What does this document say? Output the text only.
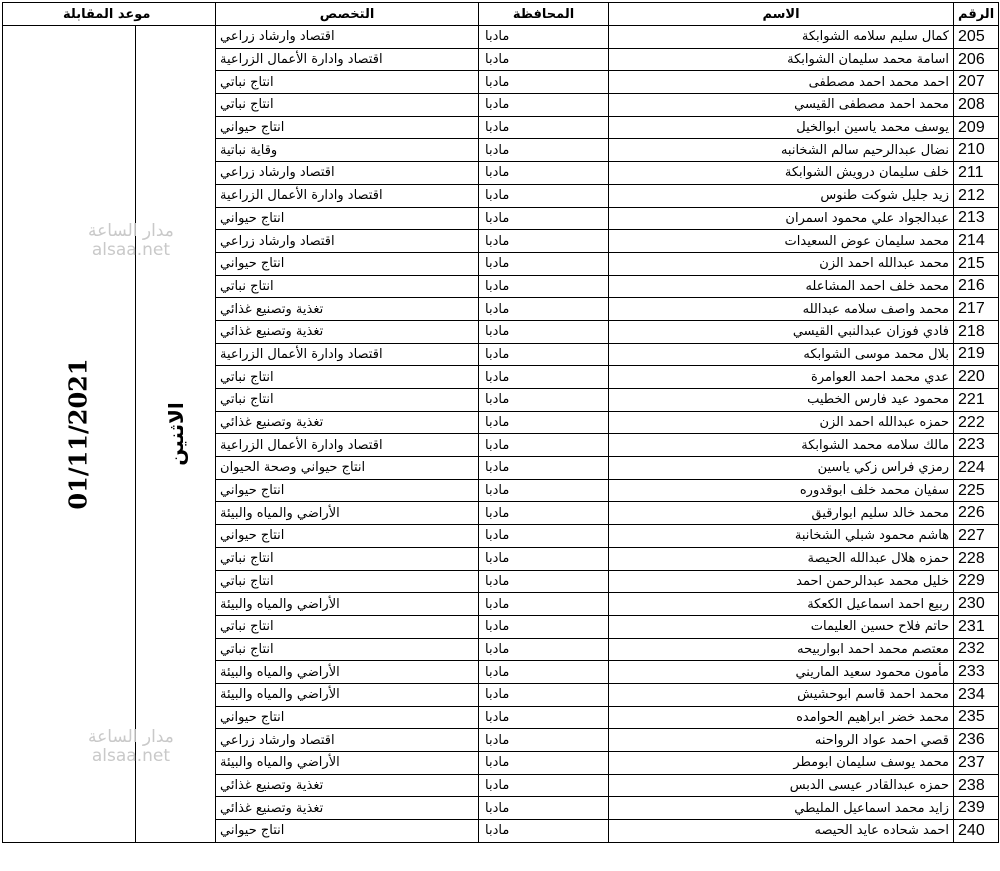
موعد المقابلة		التخصص	المحافظة	الاسم	الرقم
01/11/2021	الاثنين	اقتصاد وارشاد زراعي	مادبا	كمال سليم سلامه الشوابكة	205
		اقتصاد وادارة الأعمال الزراعية	مادبا	اسامة محمد سليمان الشوابكة	206
		انتاج نباتي	مادبا	احمد محمد احمد مصطفى	207
		انتاج نباتي	مادبا	محمد احمد مصطفى القيسي	208
		انتاج حيواني	مادبا	يوسف محمد ياسين ابوالخيل	209
		وقاية نباتية	مادبا	نضال عبدالرحيم سالم الشخانبه	210
		اقتصاد وارشاد زراعي	مادبا	خلف سليمان درويش الشوابكة	211
		اقتصاد وادارة الأعمال الزراعية	مادبا	زيد جليل شوكت طنوس	212
		انتاج حيواني	مادبا	عبدالجواد علي محمود اسمران	213
		اقتصاد وارشاد زراعي	مادبا	محمد سليمان عوض السعيدات	214
		انتاج حيواني	مادبا	محمد عبدالله احمد الزن	215
		انتاج نباتي	مادبا	محمد خلف احمد المشاعله	216
		تغذية وتصنيع غذائي	مادبا	محمد واصف سلامه عبدالله	217
		تغذية وتصنيع غذائي	مادبا	فادي فوزان عبدالنبي القيسي	218
		اقتصاد وادارة الأعمال الزراعية	مادبا	بلال محمد موسى الشوابكه	219
		انتاج نباتي	مادبا	عدي محمد احمد العوامرة	220
		انتاج نباتي	مادبا	محمود عيد فارس الخطيب	221
		تغذية وتصنيع غذائي	مادبا	حمزه عبدالله احمد الزن	222
		اقتصاد وادارة الأعمال الزراعية	مادبا	مالك سلامه محمد الشوابكة	223
		انتاج حيواني وصحة الحيوان	مادبا	رمزي فراس زكي ياسين	224
		انتاج حيواني	مادبا	سفيان محمد خلف ابوقدوره	225
		الأراضي والمياه والبيئة	مادبا	محمد خالد سليم ابوارقيق	226
		انتاج حيواني	مادبا	هاشم محمود شبلي الشخانبة	227
		انتاج نباتي	مادبا	حمزه هلال عبدالله الحيصة	228
		انتاج نباتي	مادبا	خليل محمد عبدالرحمن احمد	229
		الأراضي والمياه والبيئة	مادبا	ربيع احمد اسماعيل الكعكة	230
		انتاج نباتي	مادبا	حاتم فلاح حسين العليمات	231
		انتاج نباتي	مادبا	معتصم محمد احمد ابواربيحه	232
		الأراضي والمياه والبيئة	مادبا	مأمون محمود سعيد الماريني	233
		الأراضي والمياه والبيئة	مادبا	محمد احمد قاسم ابوحشيش	234
		انتاج حيواني	مادبا	محمد خضر ابراهيم الحوامده	235
		اقتصاد وارشاد زراعي	مادبا	قصي احمد عواد الرواحنه	236
		الأراضي والمياه والبيئة	مادبا	محمد يوسف سليمان ابومطر	237
		تغذية وتصنيع غذائي	مادبا	حمزه عبدالقادر عيسى الدبس	238
		تغذية وتصنيع غذائي	مادبا	زايد محمد اسماعيل المليطي	239
		انتاج حيواني	مادبا	احمد شحاده عايد الحيصه	240
مدار الساعة
alsaa.net
مدار الساعة
alsaa.net
